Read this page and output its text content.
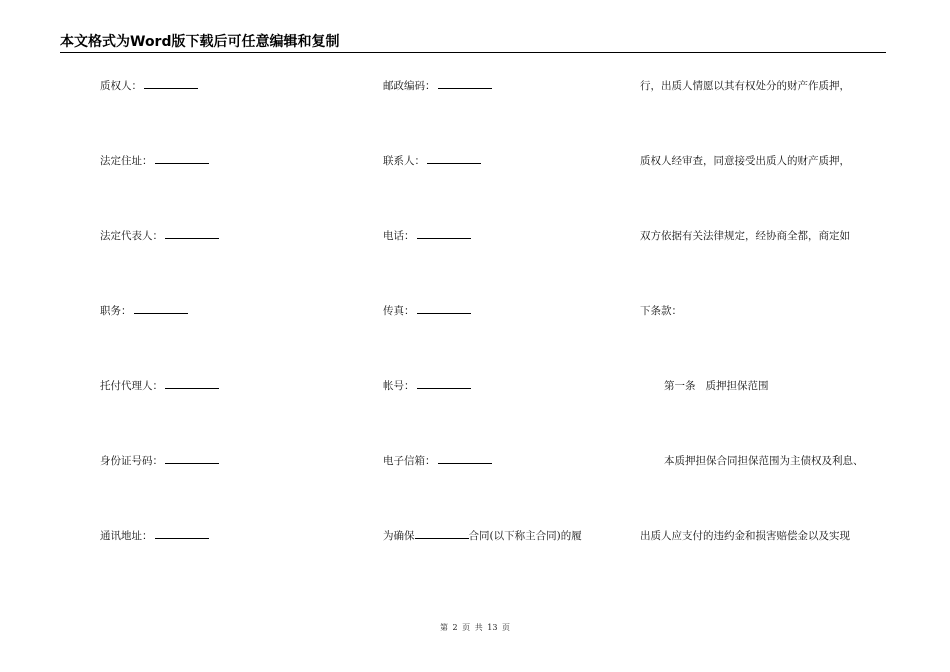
本文格式为Word版下载后可任意编辑和复制
质权人：
法定住址：
法定代表人：
职务：
托付代理人：
身份证号码：
通讯地址：
邮政编码：
联系人：
电话：
传真：
帐号：
电子信箱：
为确保	合同(以下称主合同)的履
行，出质人情愿以其有权处分的财产作质押，
质权人经审查，同意接受出质人的财产质押，
双方依据有关法律规定，经协商全都，商定如
下条款：
第一条 质押担保范围
本质押担保合同担保范围为主债权及利息、
出质人应支付的违约金和损害赔偿金以及实现
第 2 页 共 13 页
